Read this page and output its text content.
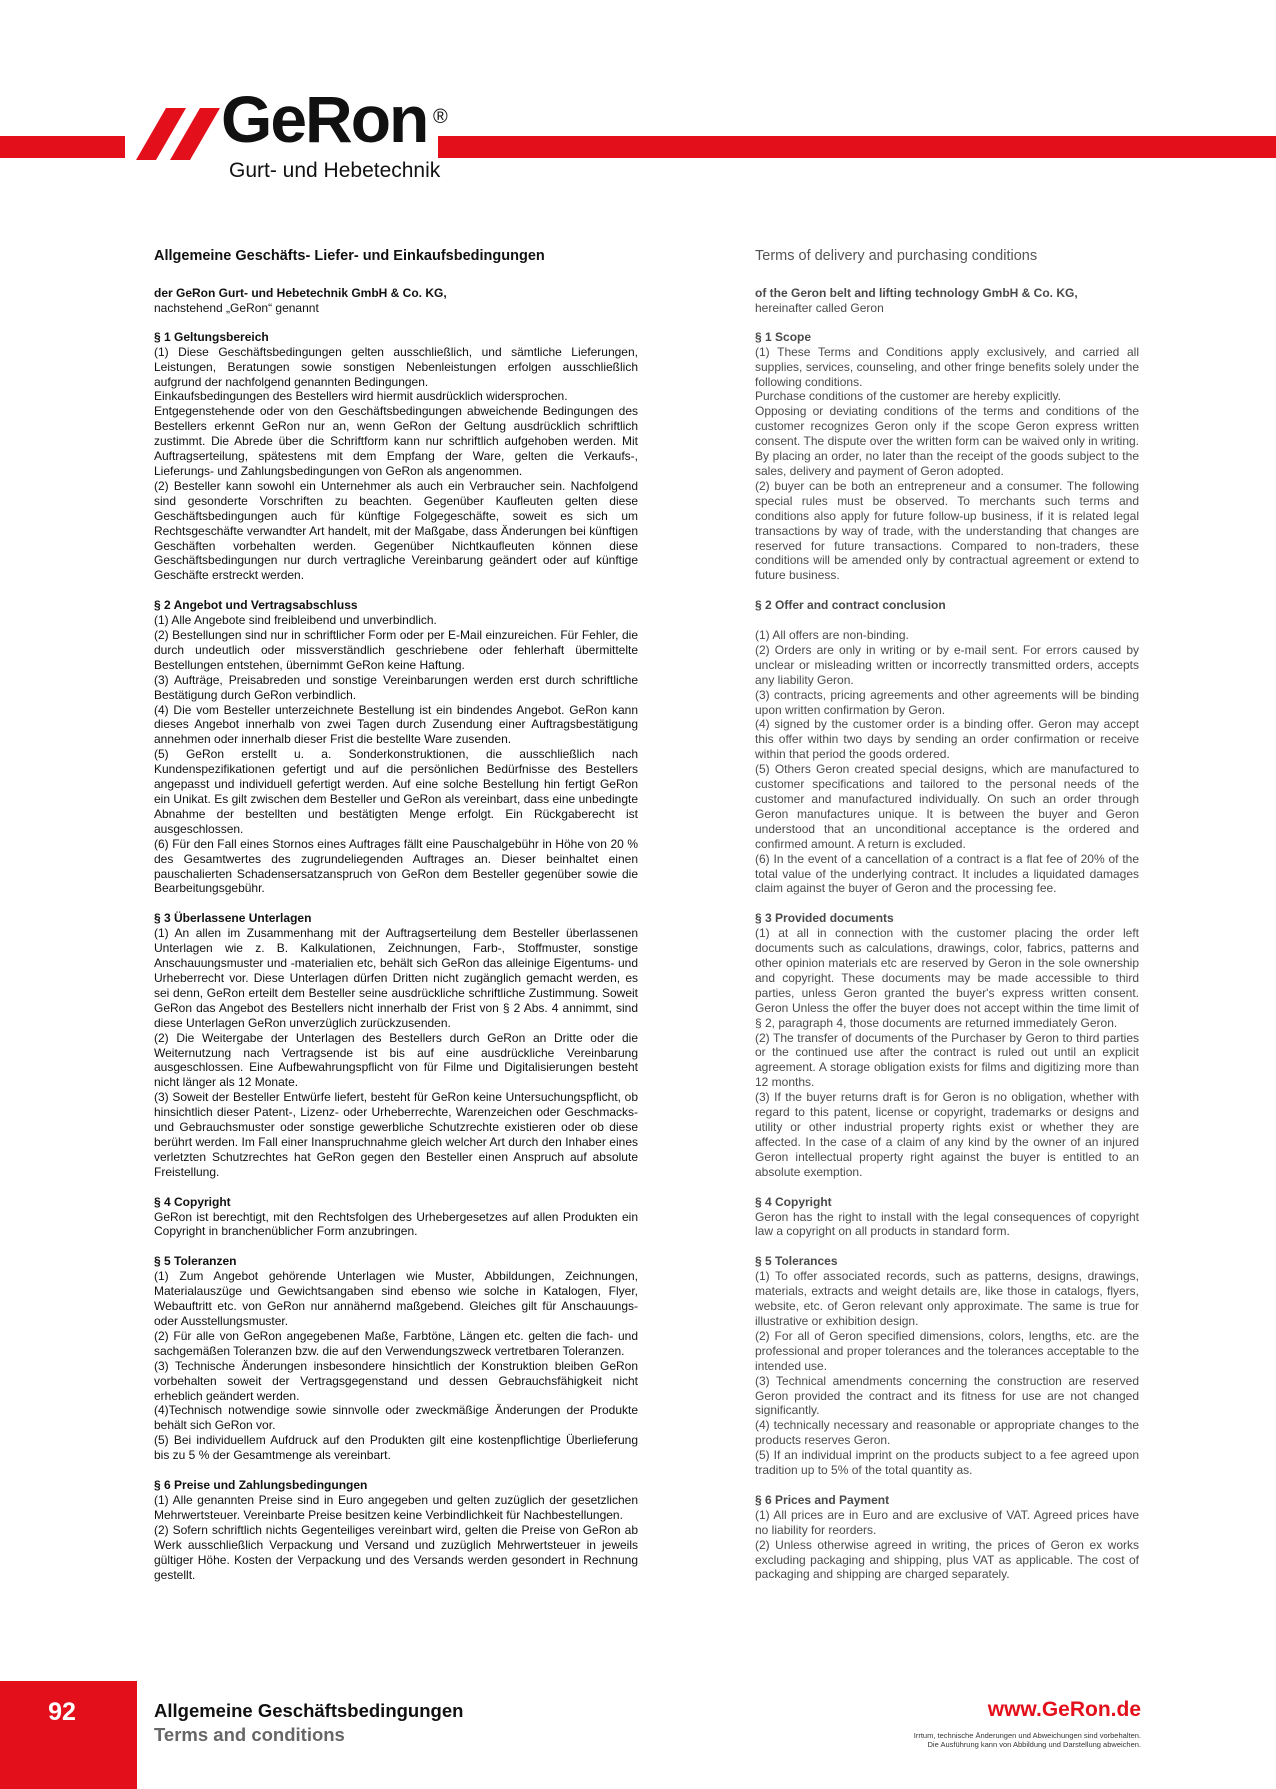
GeRon ®
Gurt- und Hebetechnik
Allgemeine Geschäfts- Liefer- und Einkaufsbedingungen

der GeRon Gurt- und Hebetechnik GmbH & Co. KG,

nachstehend „GeRon“ genannt

§ 1 Geltungsbereich

(1) Diese Geschäftsbedingungen gelten ausschließlich, und sämtliche Lieferungen, Leistungen, Beratungen sowie sonstigen Nebenleistungen erfolgen ausschließlich aufgrund der nachfolgend genannten Bedingungen.

Einkaufsbedingungen des Bestellers wird hiermit ausdrücklich widersprochen.

Entgegenstehende oder von den Geschäftsbedingungen abweichende Bedingungen des Bestellers erkennt GeRon nur an, wenn GeRon der Geltung ausdrücklich schriftlich zustimmt. Die Abrede über die Schriftform kann nur schriftlich aufgehoben werden. Mit Auftragserteilung, spätestens mit dem Empfang der Ware, gelten die Verkaufs-, Lieferungs- und Zahlungsbedingungen von GeRon als angenommen.

(2) Besteller kann sowohl ein Unternehmer als auch ein Verbraucher sein. Nachfolgend sind gesonderte Vorschriften zu beachten. Gegenüber Kaufleuten gelten diese Geschäftsbedingungen auch für künftige Folgegeschäfte, soweit es sich um Rechtsgeschäfte verwandter Art handelt, mit der Maßgabe, dass Änderungen bei künftigen Geschäften vorbehalten werden. Gegenüber Nichtkaufleuten können diese Geschäftsbedingungen nur durch vertragliche Vereinbarung geändert oder auf künftige Geschäfte erstreckt werden.

§ 2 Angebot und Vertragsabschluss

(1) Alle Angebote sind freibleibend und unverbindlich.

(2) Bestellungen sind nur in schriftlicher Form oder per E-Mail einzureichen. Für Fehler, die durch undeutlich oder missverständlich geschriebene oder fehlerhaft übermittelte Bestellungen entstehen, übernimmt GeRon keine Haftung.

(3) Aufträge, Preisabreden und sonstige Vereinbarungen werden erst durch schriftliche Bestätigung durch GeRon verbindlich.

(4) Die vom Besteller unterzeichnete Bestellung ist ein bindendes Angebot. GeRon kann dieses Angebot innerhalb von zwei Tagen durch Zusendung einer Auftragsbestätigung annehmen oder innerhalb dieser Frist die bestellte Ware zusenden.

(5) GeRon erstellt u. a. Sonderkonstruktionen, die ausschließlich nach Kundenspezifikationen gefertigt und auf die persönlichen Bedürfnisse des Bestellers angepasst und individuell gefertigt werden. Auf eine solche Bestellung hin fertigt GeRon ein Unikat. Es gilt zwischen dem Besteller und GeRon als vereinbart, dass eine unbedingte Abnahme der bestellten und bestätigten Menge erfolgt. Ein Rückgaberecht ist ausgeschlossen.

(6) Für den Fall eines Stornos eines Auftrages fällt eine Pauschalgebühr in Höhe von 20 % des Gesamtwertes des zugrundeliegenden Auftrages an. Dieser beinhaltet einen pauschalierten Schadensersatzanspruch von GeRon dem Besteller gegenüber sowie die Bearbeitungsgebühr.

§ 3 Überlassene Unterlagen

(1) An allen im Zusammenhang mit der Auftragserteilung dem Besteller überlassenen Unterlagen wie z. B. Kalkulationen, Zeichnungen, Farb-, Stoffmuster, sonstige Anschauungsmuster und -materialien etc, behält sich GeRon das alleinige Eigentums- und Urheberrecht vor. Diese Unterlagen dürfen Dritten nicht zugänglich gemacht werden, es sei denn, GeRon erteilt dem Besteller seine ausdrückliche schriftliche Zustimmung. Soweit GeRon das Angebot des Bestellers nicht innerhalb der Frist von § 2 Abs. 4 annimmt, sind diese Unterlagen GeRon unverzüglich zurückzusenden.

(2) Die Weitergabe der Unterlagen des Bestellers durch GeRon an Dritte oder die Weiternutzung nach Vertragsende ist bis auf eine ausdrückliche Vereinbarung ausgeschlossen. Eine Aufbewahrungspflicht von für Filme und Digitalisierungen besteht nicht länger als 12 Monate.

(3) Soweit der Besteller Entwürfe liefert, besteht für GeRon keine Untersuchungspflicht, ob hinsichtlich dieser Patent-, Lizenz- oder Urheberrechte, Warenzeichen oder Geschmacks- und Gebrauchsmuster oder sonstige gewerbliche Schutzrechte existieren oder ob diese berührt werden. Im Fall einer Inanspruchnahme gleich welcher Art durch den Inhaber eines verletzten Schutzrechtes hat GeRon gegen den Besteller einen Anspruch auf absolute Freistellung.

§ 4 Copyright

GeRon ist berechtigt, mit den Rechtsfolgen des Urhebergesetzes auf allen Produkten ein Copyright in branchenüblicher Form anzubringen.

§ 5 Toleranzen

(1) Zum Angebot gehörende Unterlagen wie Muster, Abbildungen, Zeichnungen, Materialauszüge und Gewichtsangaben sind ebenso wie solche in Katalogen, Flyer, Webauftritt etc. von GeRon nur annähernd maßgebend. Gleiches gilt für Anschauungs- oder Ausstellungsmuster.

(2) Für alle von GeRon angegebenen Maße, Farbtöne, Längen etc. gelten die fach- und sachgemäßen Toleranzen bzw. die auf den Verwendungszweck vertretbaren Toleranzen.

(3) Technische Änderungen insbesondere hinsichtlich der Konstruktion bleiben GeRon vorbehalten soweit der Vertragsgegenstand und dessen Gebrauchsfähigkeit nicht erheblich geändert werden.

(4)Technisch notwendige sowie sinnvolle oder zweckmäßige Änderungen der Produkte behält sich GeRon vor.

(5) Bei individuellem Aufdruck auf den Produkten gilt eine kostenpflichtige Überlieferung bis zu 5 % der Gesamtmenge als vereinbart.

§ 6 Preise und Zahlungsbedingungen

(1) Alle genannten Preise sind in Euro angegeben und gelten zuzüglich der gesetzlichen Mehrwertsteuer. Vereinbarte Preise besitzen keine Verbindlichkeit für Nachbestellungen.

(2) Sofern schriftlich nichts Gegenteiliges vereinbart wird, gelten die Preise von GeRon ab Werk ausschließlich Verpackung und Versand und zuzüglich Mehrwertsteuer in jeweils gültiger Höhe. Kosten der Verpackung und des Versands werden gesondert in Rechnung gestellt.

Terms of delivery and purchasing conditions

of the Geron belt and lifting technology GmbH & Co. KG,

hereinafter called Geron

§ 1 Scope

(1) These Terms and Conditions apply exclusively, and carried all supplies, services, counseling, and other fringe benefits solely under the following conditions.

Purchase conditions of the customer are hereby explicitly.

Opposing or deviating conditions of the terms and conditions of the customer recognizes Geron only if the scope Geron express written consent. The dispute over the written form can be waived only in writing. By placing an order, no later than the receipt of the goods subject to the sales, delivery and payment of Geron adopted.

(2) buyer can be both an entrepreneur and a consumer. The following special rules must be observed. To merchants such terms and conditions also apply for future follow-up business, if it is related legal transactions by way of trade, with the understanding that changes are reserved for future transactions. Compared to non-traders, these conditions will be amended only by contractual agreement or extend to future business.

§ 2 Offer and contract conclusion

(1) All offers are non-binding.

(2) Orders are only in writing or by e-mail sent. For errors caused by unclear or misleading written or incorrectly transmitted orders, accepts any liability Geron.

(3) contracts, pricing agreements and other agreements will be binding upon written confirmation by Geron.

(4) signed by the customer order is a binding offer. Geron may accept this offer within two days by sending an order confirmation or receive within that period the goods ordered.

(5) Others Geron created special designs, which are manufactured to customer specifications and tailored to the personal needs of the customer and manufactured individually. On such an order through Geron manufactures unique. It is between the buyer and Geron understood that an unconditional acceptance is the ordered and confirmed amount. A return is excluded.

(6) In the event of a cancellation of a contract is a flat fee of 20% of the total value of the underlying contract. It includes a liquidated damages claim against the buyer of Geron and the processing fee.

§ 3 Provided documents

(1) at all in connection with the customer placing the order left documents such as calculations, drawings, color, fabrics, patterns and other opinion materials etc are reserved by Geron in the sole ownership and copyright. These documents may be made accessible to third parties, unless Geron granted the buyer's express written consent. Geron Unless the offer the buyer does not accept within the time limit of § 2, paragraph 4, those documents are returned immediately Geron.

(2) The transfer of documents of the Purchaser by Geron to third parties or the continued use after the contract is ruled out until an explicit agreement. A storage obligation exists for films and digitizing more than 12 months.

(3) If the buyer returns draft is for Geron is no obligation, whether with regard to this patent, license or copyright, trademarks or designs and utility or other industrial property rights exist or whether they are affected. In the case of a claim of any kind by the owner of an injured Geron intellectual property right against the buyer is entitled to an absolute exemption.

§ 4 Copyright

Geron has the right to install with the legal consequences of copyright law a copyright on all products in standard form.

§ 5 Tolerances

(1) To offer associated records, such as patterns, designs, drawings, materials, extracts and weight details are, like those in catalogs, flyers, website, etc. of Geron relevant only approximate. The same is true for illustrative or exhibition design.

(2) For all of Geron specified dimensions, colors, lengths, etc. are the professional and proper tolerances and the tolerances acceptable to the intended use.

(3) Technical amendments concerning the construction are reserved Geron provided the contract and its fitness for use are not changed significantly.

(4) technically necessary and reasonable or appropriate changes to the products reserves Geron.

(5) If an individual imprint on the products subject to a fee agreed upon tradition up to 5% of the total quantity as.

§ 6 Prices and Payment

(1) All prices are in Euro and are exclusive of VAT. Agreed prices have no liability for reorders.

(2) Unless otherwise agreed in writing, the prices of Geron ex works excluding packaging and shipping, plus VAT as applicable. The cost of packaging and shipping are charged separately.

92	Allgemeine Geschäftsbedingungen
Terms and conditions
www.GeRon.de
Irrtum, technische Änderungen und Abweichungen sind vorbehalten.
Die Ausführung kann von Abbildung und Darstellung abweichen.
